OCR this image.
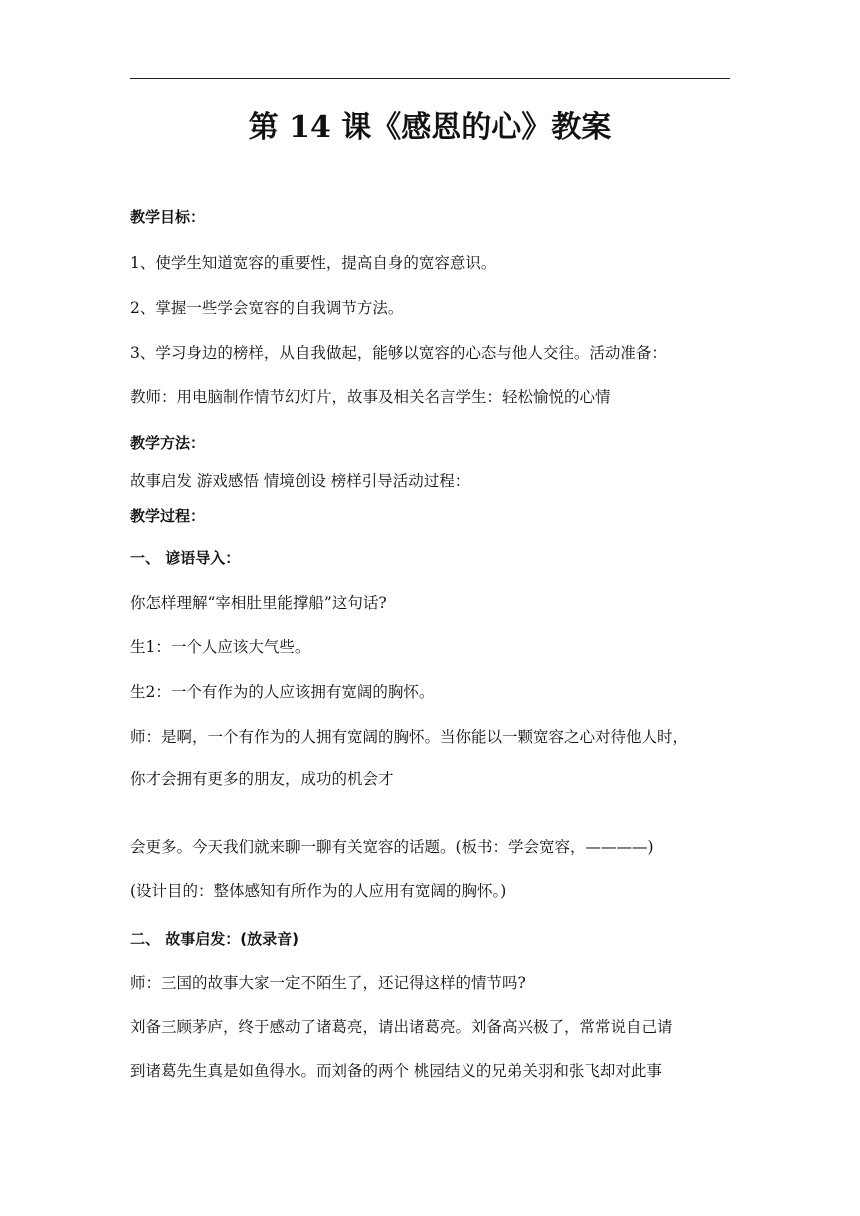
第 14 课《感恩的心》教案
教学目标：
1、使学生知道宽容的重要性，提高自身的宽容意识。
2、掌握一些学会宽容的自我调节方法。
3、学习身边的榜样，从自我做起，能够以宽容的心态与他人交往。活动准备：
教师：用电脑制作情节幻灯片，故事及相关名言学生：轻松愉悦的心情
教学方法：
故事启发 游戏感悟 情境创设 榜样引导活动过程：
教学过程：
一、 谚语导入：
你怎样理解“宰相肚里能撑船”这句话?
生1：一个人应该大气些。
生2：一个有作为的人应该拥有宽阔的胸怀。
师：是啊，一个有作为的人拥有宽阔的胸怀。当你能以一颗宽容之心对待他人时，
你才会拥有更多的朋友，成功的机会才
会更多。今天我们就来聊一聊有关宽容的话题。(板书：学会宽容，————)
(设计目的：整体感知有所作为的人应用有宽阔的胸怀。)
二、 故事启发：(放录音)
师：三国的故事大家一定不陌生了，还记得这样的情节吗?
刘备三顾茅庐，终于感动了诸葛亮，请出诸葛亮。刘备高兴极了，常常说自己请
到诸葛先生真是如鱼得水。而刘备的两个 桃园结义的兄弟关羽和张飞却对此事
